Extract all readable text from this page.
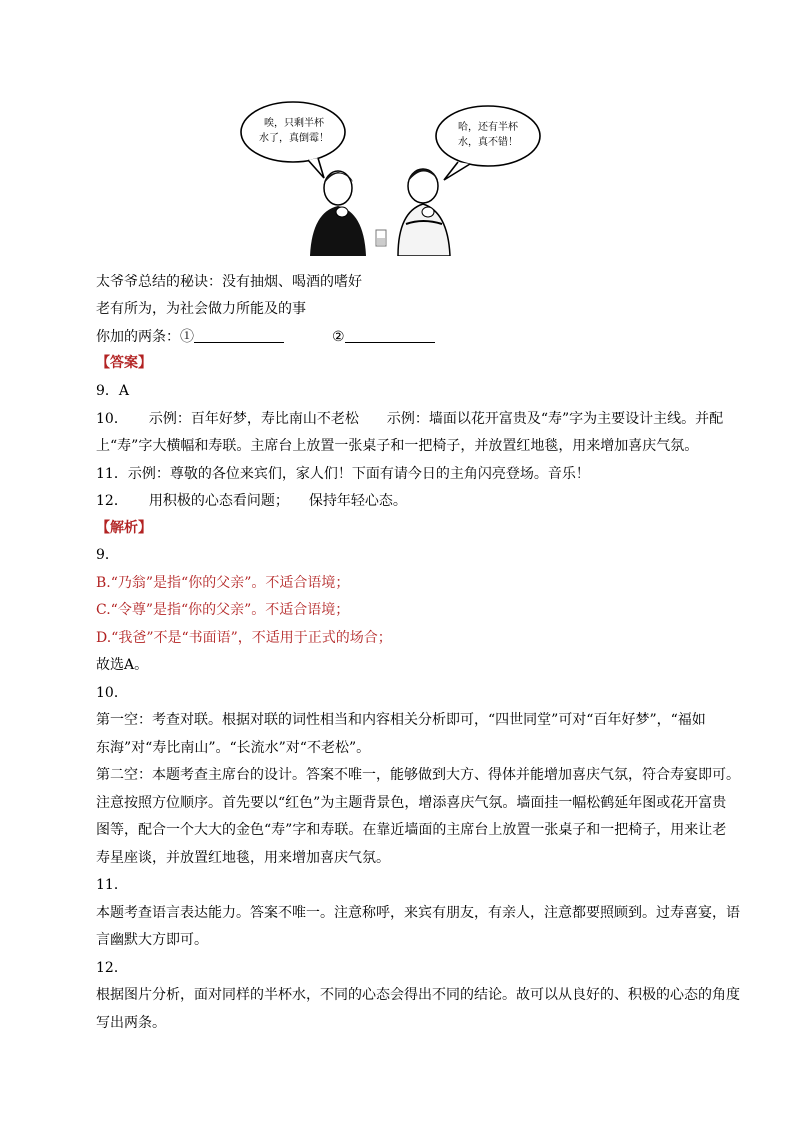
唉，只剩半杯
水了，真倒霉！
哈，还有半杯
水，真不错！
太爷爷总结的秘诀：没有抽烟、喝酒的嗜好
老有所为，为社会做力所能及的事
你加的两条：①	②
【答案】
9．A
10．　　示例：百年好梦，寿比南山不老松　　示例：墙面以花开富贵及“寿”字为主要设计主线。并配
上“寿”字大横幅和寿联。主席台上放置一张桌子和一把椅子，并放置红地毯，用来增加喜庆气氛。
11．示例：尊敬的各位来宾们，家人们！下面有请今日的主角闪亮登场。音乐！
12．　　用积极的心态看问题； 保持年轻心态。
【解析】
9．
B.“乃翁”是指“你的父亲”。不适合语境；
C.“令尊”是指“你的父亲”。不适合语境；
D.“我爸”不是“书面语”，不适用于正式的场合；
故选A。
10．
第一空：考查对联。根据对联的词性相当和内容相关分析即可，“四世同堂”可对“百年好梦”，“福如
东海”对“寿比南山”。“长流水”对“不老松”。
第二空：本题考查主席台的设计。答案不唯一，能够做到大方、得体并能增加喜庆气氛，符合寿宴即可。
注意按照方位顺序。首先要以“红色”为主题背景色，增添喜庆气氛。墙面挂一幅松鹤延年图或花开富贵
图等，配合一个大大的金色“寿”字和寿联。在靠近墙面的主席台上放置一张桌子和一把椅子，用来让老
寿星座谈，并放置红地毯，用来增加喜庆气氛。
11．
本题考查语言表达能力。答案不唯一。注意称呼，来宾有朋友，有亲人，注意都要照顾到。过寿喜宴，语
言幽默大方即可。
12．
根据图片分析，面对同样的半杯水，不同的心态会得出不同的结论。故可以从良好的、积极的心态的角度
写出两条。
